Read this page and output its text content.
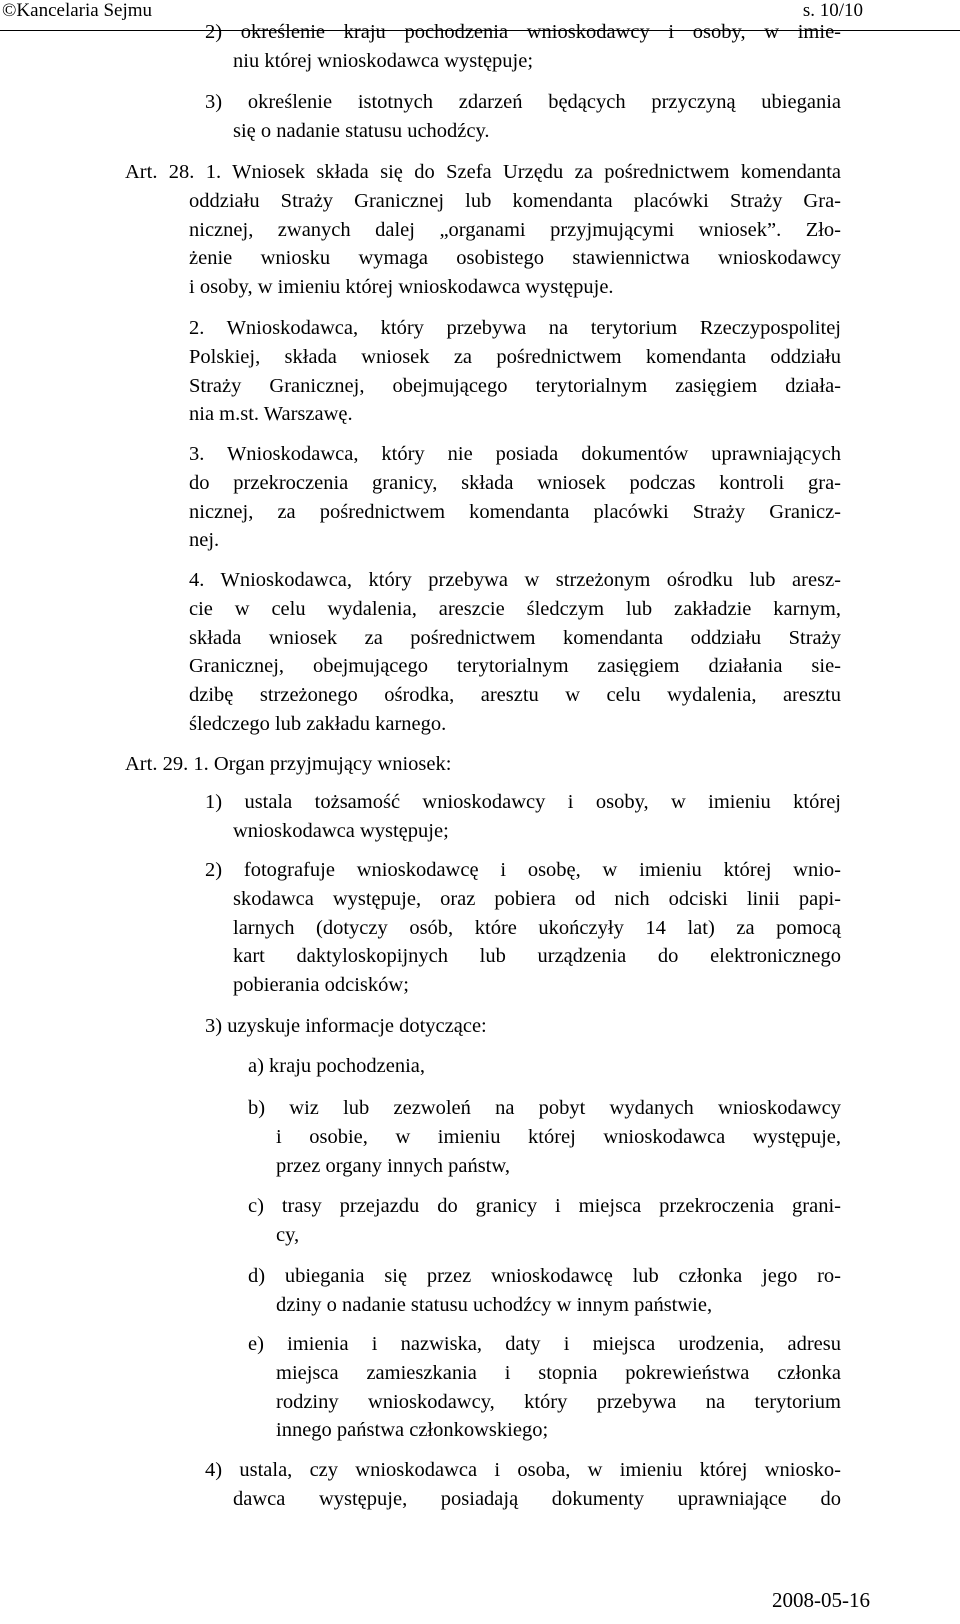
©Kancelaria Sejmu	s. 10/10
2) określenie kraju pochodzenia wnioskodawcy i osoby, w imie-
niu której wnioskodawca występuje;
3) określenie istotnych zdarzeń będących przyczyną ubiegania
się o nadanie statusu uchodźcy.
Art. 28. 1. Wniosek składa się do Szefa Urzędu za pośrednictwem komendanta
oddziału Straży Granicznej lub komendanta placówki Straży Gra-
nicznej, zwanych dalej „organami przyjmującymi wniosek”. Zło-
żenie wniosku wymaga osobistego stawiennictwa wnioskodawcy
i osoby, w imieniu której wnioskodawca występuje.
2. Wnioskodawca, który przebywa na terytorium Rzeczypospolitej
Polskiej, składa wniosek za pośrednictwem komendanta oddziału
Straży Granicznej, obejmującego terytorialnym zasięgiem działa-
nia m.st. Warszawę.
3. Wnioskodawca, który nie posiada dokumentów uprawniających
do przekroczenia granicy, składa wniosek podczas kontroli gra-
nicznej, za pośrednictwem komendanta placówki Straży Granicz-
nej.
4. Wnioskodawca, który przebywa w strzeżonym ośrodku lub aresz-
cie w celu wydalenia, areszcie śledczym lub zakładzie karnym,
składa wniosek za pośrednictwem komendanta oddziału Straży
Granicznej, obejmującego terytorialnym zasięgiem działania sie-
dzibę strzeżonego ośrodka, aresztu w celu wydalenia, aresztu
śledczego lub zakładu karnego.
Art. 29. 1. Organ przyjmujący wniosek:
1) ustala tożsamość wnioskodawcy i osoby, w imieniu której
wnioskodawca występuje;
2) fotografuje wnioskodawcę i osobę, w imieniu której wnio-
skodawca występuje, oraz pobiera od nich odciski linii papi-
larnych (dotyczy osób, które ukończyły 14 lat) za pomocą
kart daktyloskopijnych lub urządzenia do elektronicznego
pobierania odcisków;
3) uzyskuje informacje dotyczące:
a) kraju pochodzenia,
b) wiz lub zezwoleń na pobyt wydanych wnioskodawcy
i osobie, w imieniu której wnioskodawca występuje,
przez organy innych państw,
c) trasy przejazdu do granicy i miejsca przekroczenia grani-
cy,
d) ubiegania się przez wnioskodawcę lub członka jego ro-
dziny o nadanie statusu uchodźcy w innym państwie,
e) imienia i nazwiska, daty i miejsca urodzenia, adresu
miejsca zamieszkania i stopnia pokrewieństwa członka
rodziny wnioskodawcy, który przebywa na terytorium
innego państwa członkowskiego;
4) ustala, czy wnioskodawca i osoba, w imieniu której wniosko-
dawca występuje, posiadają dokumenty uprawniające do
2008-05-16
